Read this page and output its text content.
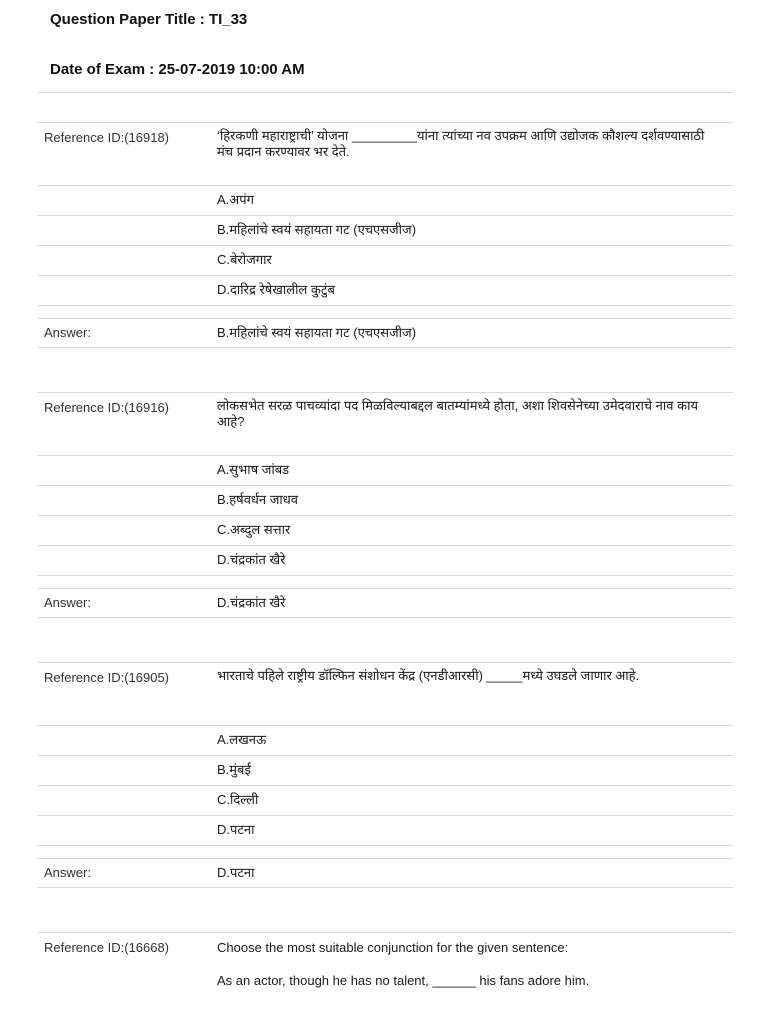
Question Paper Title : TI_33
Date of Exam : 25-07-2019 10:00 AM
Reference ID:(16918)	‘हिरकणी महाराष्ट्राची’ योजना _________यांना त्यांच्या नव उपक्रम आणि उद्योजक कौशल्य दर्शवण्यासाठी मंच प्रदान करण्यावर भर देते.
A.अपंग
B.महिलांचे स्वयं सहायता गट (एचएसजीज)
C.बेरोजगार
D.दारिद्र रेषेखालील कुटुंब
Answer:	B.महिलांचे स्वयं सहायता गट (एचएसजीज)
Reference ID:(16916)	लोकसभेत सरळ पाचव्यांदा पद मिळविल्याबद्दल बातम्यांमध्ये होता, अशा शिवसेनेच्या उमेदवाराचे नाव काय आहे?
A.सुभाष जांबड
B.हर्षवर्धन जाधव
C.अब्दुल सत्तार
D.चंद्रकांत खैरे
Answer:	D.चंद्रकांत खैरे
Reference ID:(16905)	भारताचे पहिले राष्ट्रीय डॉल्फिन संशोधन केंद्र (एनडीआरसी) _____मध्ये उघडले जाणार आहे.
A.लखनऊ
B.मुंबई
C.दिल्ली
D.पटना
Answer:	D.पटना
Reference ID:(16668)	Choose the most suitable conjunction for the given sentence:
As an actor, though he has no talent, ______ his fans adore him.
